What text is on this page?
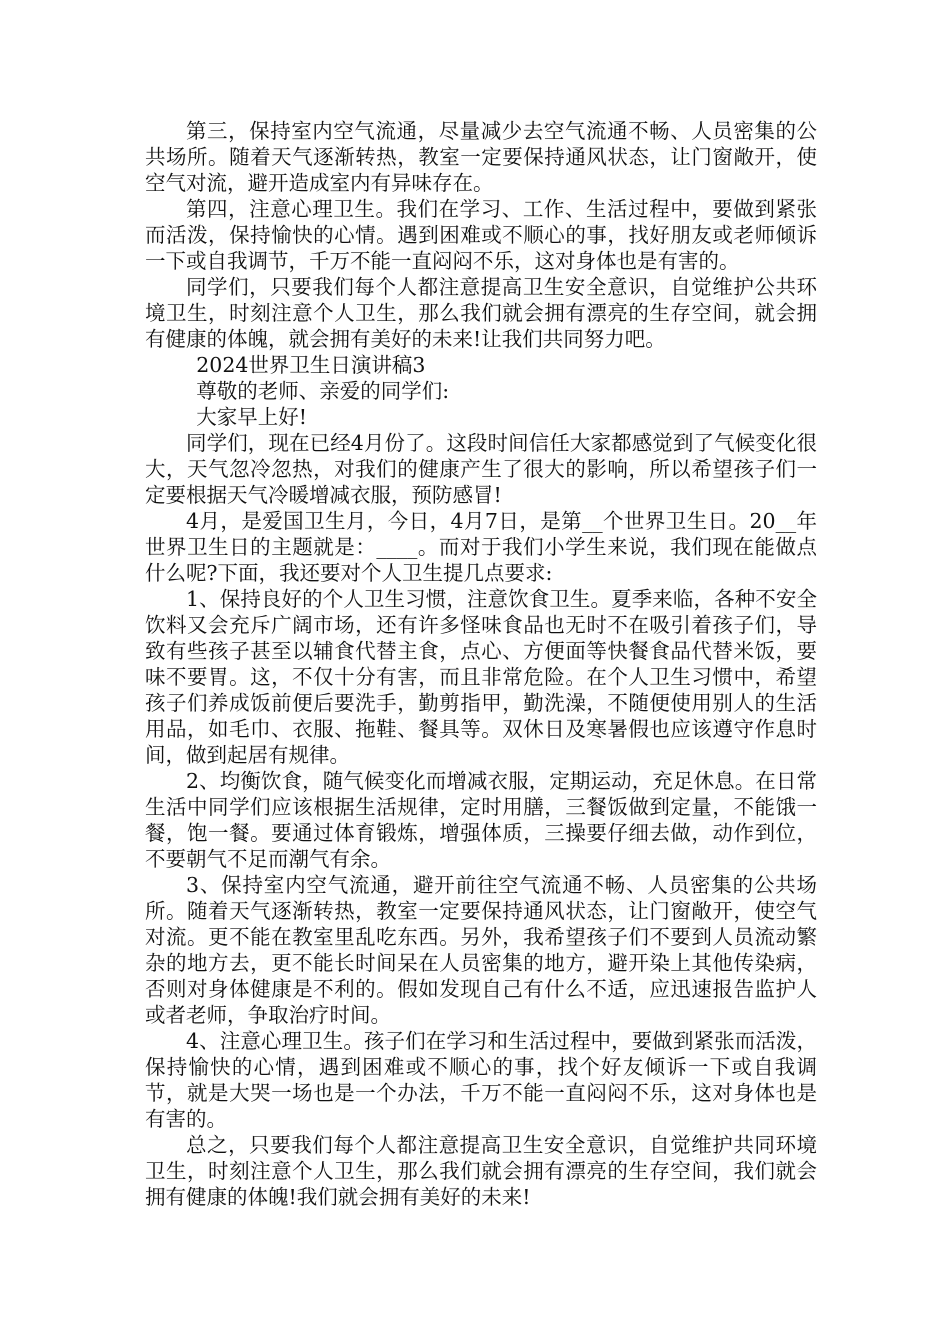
第三，保持室内空气流通，尽量减少去空气流通不畅、人员密集的公共场所。随着天气逐渐转热，教室一定要保持通风状态，让门窗敞开，使空气对流，避开造成室内有异味存在。

第四，注意心理卫生。我们在学习、工作、生活过程中，要做到紧张而活泼，保持愉快的心情。遇到困难或不顺心的事，找好朋友或老师倾诉一下或自我调节，千万不能一直闷闷不乐，这对身体也是有害的。

同学们，只要我们每个人都注意提高卫生安全意识，自觉维护公共环境卫生，时刻注意个人卫生，那么我们就会拥有漂亮的生存空间，就会拥有健康的体魄，就会拥有美好的未来!让我们共同努力吧。

2024世界卫生日演讲稿3

尊敬的老师、亲爱的同学们:

大家早上好!

同学们，现在已经4月份了。这段时间信任大家都感觉到了气候变化很大，天气忽冷忽热，对我们的健康产生了很大的影响，所以希望孩子们一定要根据天气冷暖增减衣服，预防感冒!

4月，是爱国卫生月，今日，4月7日，是第__个世界卫生日。20__年世界卫生日的主题就是：____。而对于我们小学生来说，我们现在能做点什么呢?下面，我还要对个人卫生提几点要求:

1、保持良好的个人卫生习惯，注意饮食卫生。夏季来临，各种不安全饮料又会充斥广阔市场，还有许多怪味食品也无时不在吸引着孩子们，导致有些孩子甚至以辅食代替主食，点心、方便面等快餐食品代替米饭，要味不要胃。这，不仅十分有害，而且非常危险。在个人卫生习惯中，希望孩子们养成饭前便后要洗手，勤剪指甲，勤洗澡，不随便使用别人的生活用品，如毛巾、衣服、拖鞋、餐具等。双休日及寒暑假也应该遵守作息时间，做到起居有规律。

2、均衡饮食，随气候变化而增减衣服，定期运动，充足休息。在日常生活中同学们应该根据生活规律，定时用膳，三餐饭做到定量，不能饿一餐，饱一餐。要通过体育锻炼，增强体质，三操要仔细去做，动作到位，不要朝气不足而潮气有余。

3、保持室内空气流通，避开前往空气流通不畅、人员密集的公共场所。随着天气逐渐转热，教室一定要保持通风状态，让门窗敞开，使空气对流。更不能在教室里乱吃东西。另外，我希望孩子们不要到人员流动繁杂的地方去，更不能长时间呆在人员密集的地方，避开染上其他传染病，否则对身体健康是不利的。假如发现自己有什么不适，应迅速报告监护人或者老师，争取治疗时间。

4、注意心理卫生。孩子们在学习和生活过程中，要做到紧张而活泼，保持愉快的心情，遇到困难或不顺心的事，找个好友倾诉一下或自我调节，就是大哭一场也是一个办法，千万不能一直闷闷不乐，这对身体也是有害的。

总之，只要我们每个人都注意提高卫生安全意识，自觉维护共同环境卫生，时刻注意个人卫生，那么我们就会拥有漂亮的生存空间，我们就会拥有健康的体魄!我们就会拥有美好的未来!
